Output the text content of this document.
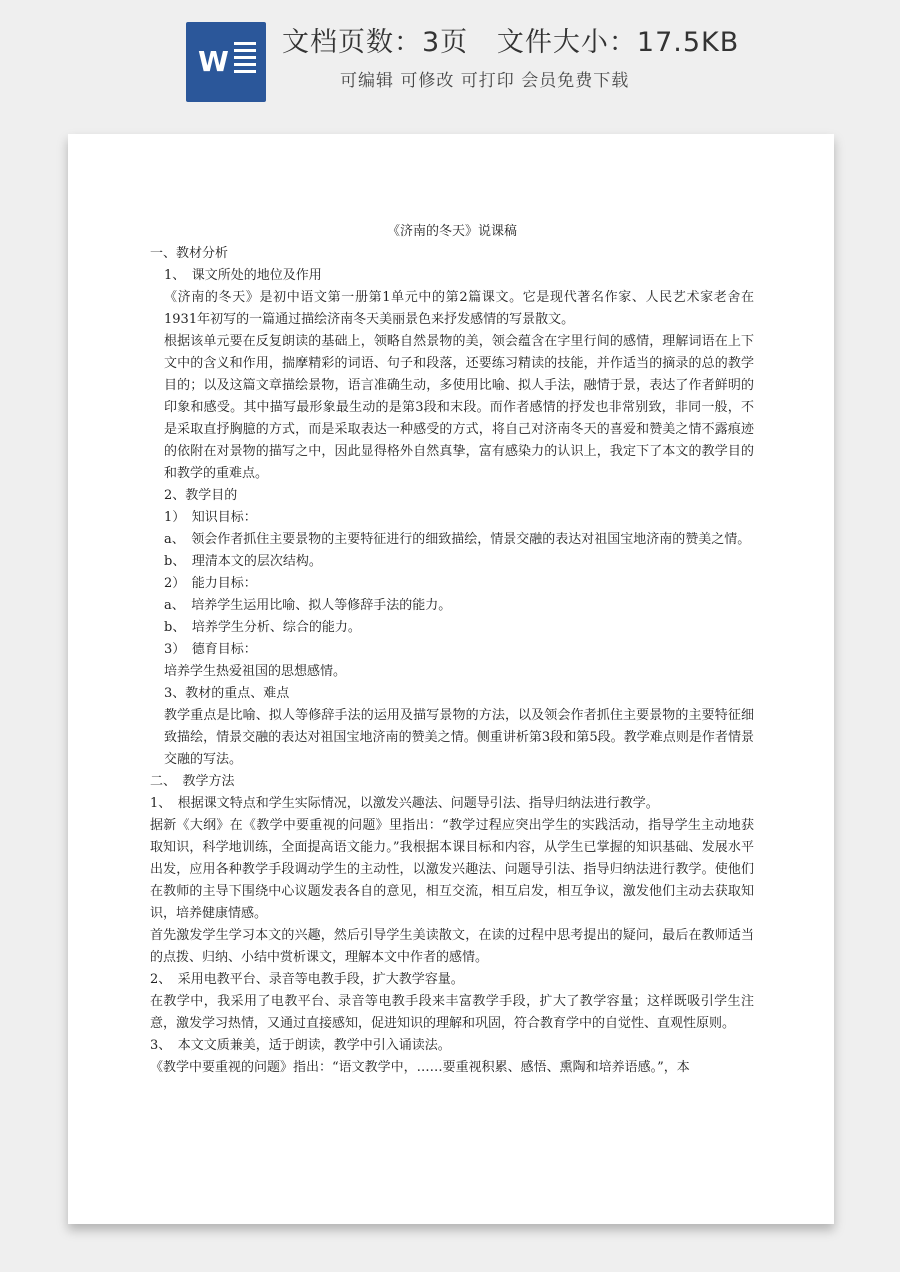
W
文档页数：3页   文件大小：17.5KB
可编辑 可修改 可打印 会员免费下载

《济南的冬天》说课稿

一、教材分析

1、　课文所处的地位及作用

《济南的冬天》是初中语文第一册第1单元中的第2篇课文。它是现代著名作家、人民艺术家老舍在1931年初写的一篇通过描绘济南冬天美丽景色来抒发感情的写景散文。

根据该单元要在反复朗读的基础上，领略自然景物的美，领会蕴含在字里行间的感情，理解词语在上下文中的含义和作用，揣摩精彩的词语、句子和段落，还要练习精读的技能，并作适当的摘录的总的教学目的；以及这篇文章描绘景物，语言准确生动，多使用比喻、拟人手法，融情于景，表达了作者鲜明的印象和感受。其中描写最形象最生动的是第3段和末段。而作者感情的抒发也非常别致，非同一般，不是采取直抒胸臆的方式，而是采取表达一种感受的方式，将自己对济南冬天的喜爱和赞美之情不露痕迹的依附在对景物的描写之中，因此显得格外自然真挚，富有感染力的认识上，我定下了本文的教学目的和教学的重难点。

2、教学目的

1）　知识目标：

a、　领会作者抓住主要景物的主要特征进行的细致描绘，情景交融的表达对祖国宝地济南的赞美之情。

b、　理清本文的层次结构。

2）　能力目标：

a、　培养学生运用比喻、拟人等修辞手法的能力。

b、　培养学生分析、综合的能力。

3）　德育目标：

培养学生热爱祖国的思想感情。

3、教材的重点、难点

教学重点是比喻、拟人等修辞手法的运用及描写景物的方法，以及领会作者抓住主要景物的主要特征细致描绘，情景交融的表达对祖国宝地济南的赞美之情。侧重讲析第3段和第5段。教学难点则是作者情景交融的写法。

二、　教学方法

1、　根据课文特点和学生实际情况，以激发兴趣法、问题导引法、指导归纳法进行教学。

据新《大纲》在《教学中要重视的问题》里指出：“教学过程应突出学生的实践活动，指导学生主动地获取知识，科学地训练，全面提高语文能力。”我根据本课目标和内容，从学生已掌握的知识基础、发展水平出发，应用各种教学手段调动学生的主动性，以激发兴趣法、问题导引法、指导归纳法进行教学。使他们在教师的主导下围绕中心议题发表各自的意见，相互交流，相互启发，相互争议，激发他们主动去获取知识，培养健康情感。

首先激发学生学习本文的兴趣，然后引导学生美读散文，在读的过程中思考提出的疑问，最后在教师适当的点拨、归纳、小结中赏析课文，理解本文中作者的感情。

2、　采用电教平台、录音等电教手段，扩大教学容量。

在教学中，我采用了电教平台、录音等电教手段来丰富教学手段，扩大了教学容量；这样既吸引学生注意，激发学习热情，又通过直接感知，促进知识的理解和巩固，符合教育学中的自觉性、直观性原则。

3、　本文文质兼美，适于朗读，教学中引入诵读法。

《教学中要重视的问题》指出：“语文教学中，……要重视积累、感悟、熏陶和培养语感。”，本
